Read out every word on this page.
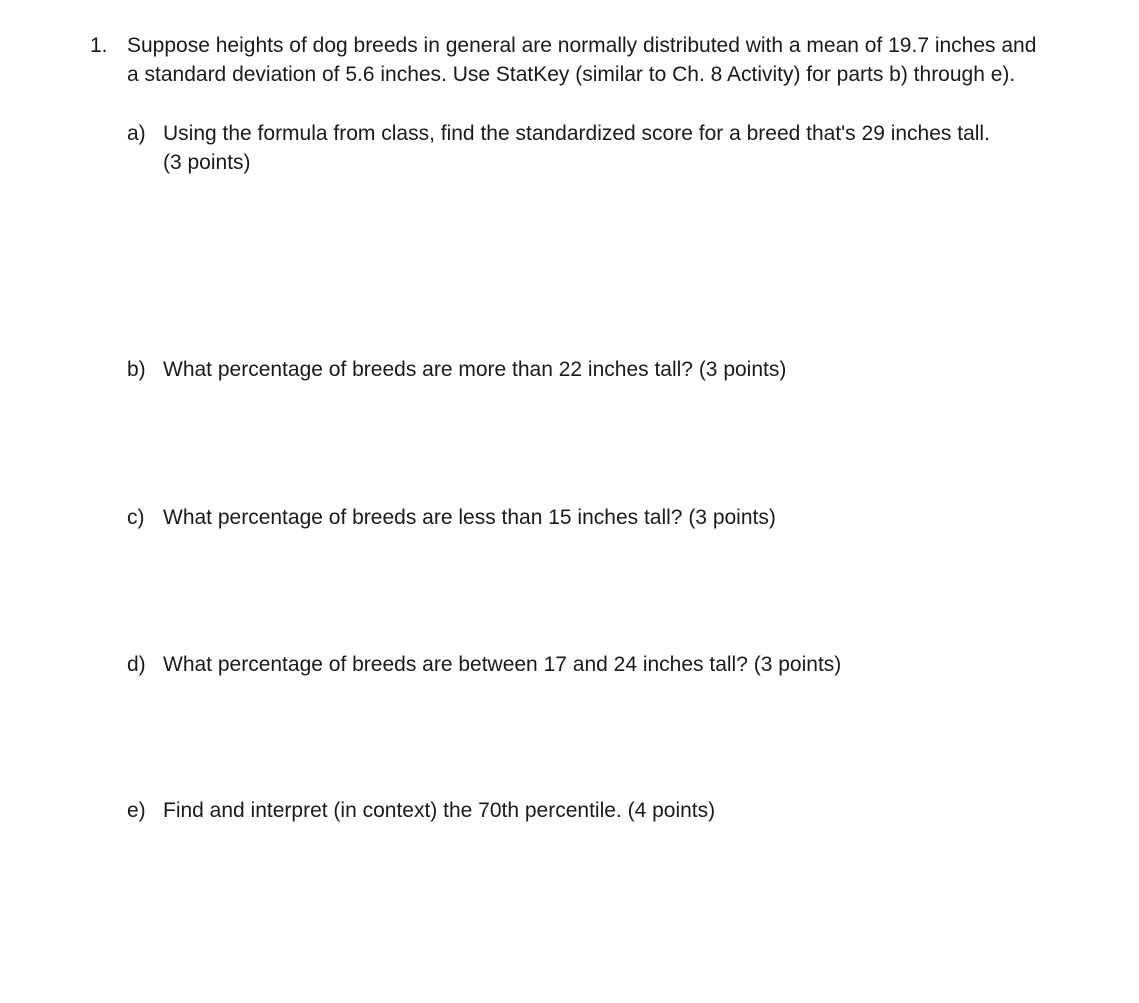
1. Suppose heights of dog breeds in general are normally distributed with a mean of 19.7 inches and
a standard deviation of 5.6 inches. Use StatKey (similar to Ch. 8 Activity) for parts b) through e).
a) Using the formula from class, find the standardized score for a breed that's 29 inches tall.
(3 points)
b) What percentage of breeds are more than 22 inches tall? (3 points)
c) What percentage of breeds are less than 15 inches tall? (3 points)
d) What percentage of breeds are between 17 and 24 inches tall? (3 points)
e) Find and interpret (in context) the 70th percentile. (4 points)
